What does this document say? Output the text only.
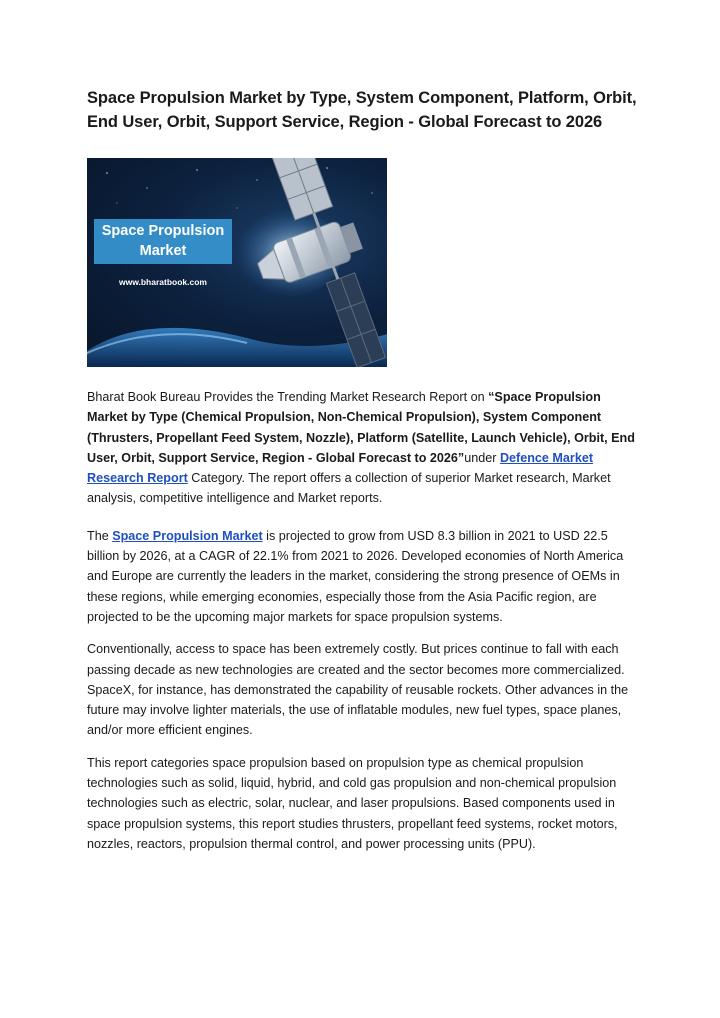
Space Propulsion Market by Type, System Component, Platform, Orbit, End User, Orbit, Support Service, Region - Global Forecast to 2026
Space Propulsion Market
www.bharatbook.com

Bharat Book Bureau Provides the Trending Market Research Report on “Space Propulsion Market by Type (Chemical Propulsion, Non-Chemical Propulsion), System Component (Thrusters, Propellant Feed System, Nozzle), Platform (Satellite, Launch Vehicle), Orbit, End User, Orbit, Support Service, Region - Global Forecast to 2026”under Defence Market Research Report Category. The report offers a collection of superior Market research, Market analysis, competitive intelligence and Market reports.

The Space Propulsion Market is projected to grow from USD 8.3 billion in 2021 to USD 22.5 billion by 2026, at a CAGR of 22.1% from 2021 to 2026. Developed economies of North America and Europe are currently the leaders in the market, considering the strong presence of OEMs in these regions, while emerging economies, especially those from the Asia Pacific region, are projected to be the upcoming major markets for space propulsion systems.

Conventionally, access to space has been extremely costly. But prices continue to fall with each passing decade as new technologies are created and the sector becomes more commercialized. SpaceX, for instance, has demonstrated the capability of reusable rockets. Other advances in the future may involve lighter materials, the use of inflatable modules, new fuel types, space planes, and/or more efficient engines.

This report categories space propulsion based on propulsion type as chemical propulsion technologies such as solid, liquid, hybrid, and cold gas propulsion and non-chemical propulsion technologies such as electric, solar, nuclear, and laser propulsions. Based components used in space propulsion systems, this report studies thrusters, propellant feed systems, rocket motors, nozzles, reactors, propulsion thermal control, and power processing units (PPU).
